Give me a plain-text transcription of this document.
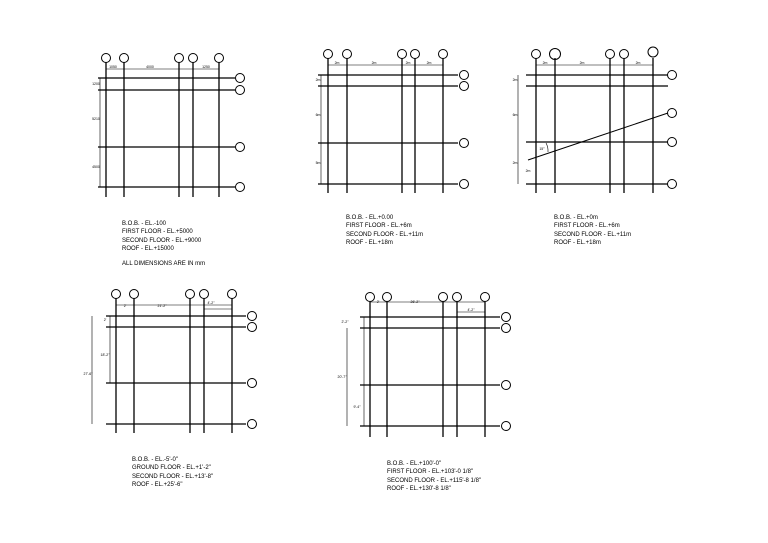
1050	4000	1250
1200
5210
4500
2m	2m	2m	2m
2m
6m
5m
2m	2m	2m
2m
6m
2m
2m
15°
2'	21'-2"
4'-2"
2'
18'-2"
27'-6"
2'	26'-2"
4'-2"
2'-2"
20'-7"
9'-4"
B.O.B. - EL.-100
FIRST FLOOR - EL.+5000
SECOND FLOOR - EL.+9000
ROOF - EL.+15000
ALL DIMENSIONS ARE IN mm
B.O.B. - EL.+0.00
FIRST FLOOR - EL.+6m
SECOND FLOOR - EL.+11m
ROOF - EL.+18m
B.O.B. - EL.+0m
FIRST FLOOR - EL.+6m
SECOND FLOOR - EL.+11m
ROOF - EL.+18m
B.O.B. - EL.-5'-0"
GROUND FLOOR - EL.+1'-2"
SECOND FLOOR - EL.+13'-8"
ROOF - EL.+25'-6"
B.O.B. - EL.+100'-0"
FIRST FLOOR - EL.+103'-0 1/8"
SECOND FLOOR - EL.+115'-8 1/8"
ROOF - EL.+130'-8 1/8"
